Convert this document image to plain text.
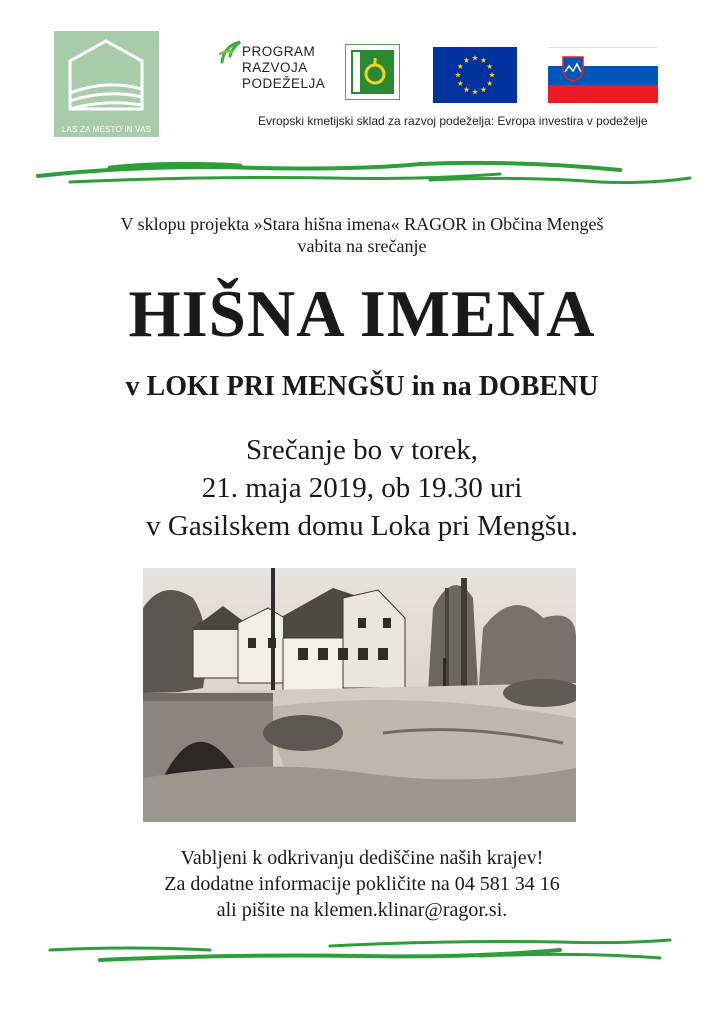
LAS ZA MESTO IN VAS
PROGRAM
RAZVOJA
PODEŽELJA
Evropski kmetijski sklad za razvoj podeželja: Evropa investira v podeželje
V sklopu projekta »Stara hišna imena« RAGOR in Občina Mengeš
vabita na srečanje
HIŠNA IMENA
v LOKI PRI MENGŠU in na DOBENU
Srečanje bo v torek,
21. maja 2019, ob 19.30 uri
v Gasilskem domu Loka pri Mengšu.
Vabljeni k odkrivanju dediščine naših krajev!
Za dodatne informacije pokličite na 04 581 34 16
ali pišite na klemen.klinar@ragor.si.
